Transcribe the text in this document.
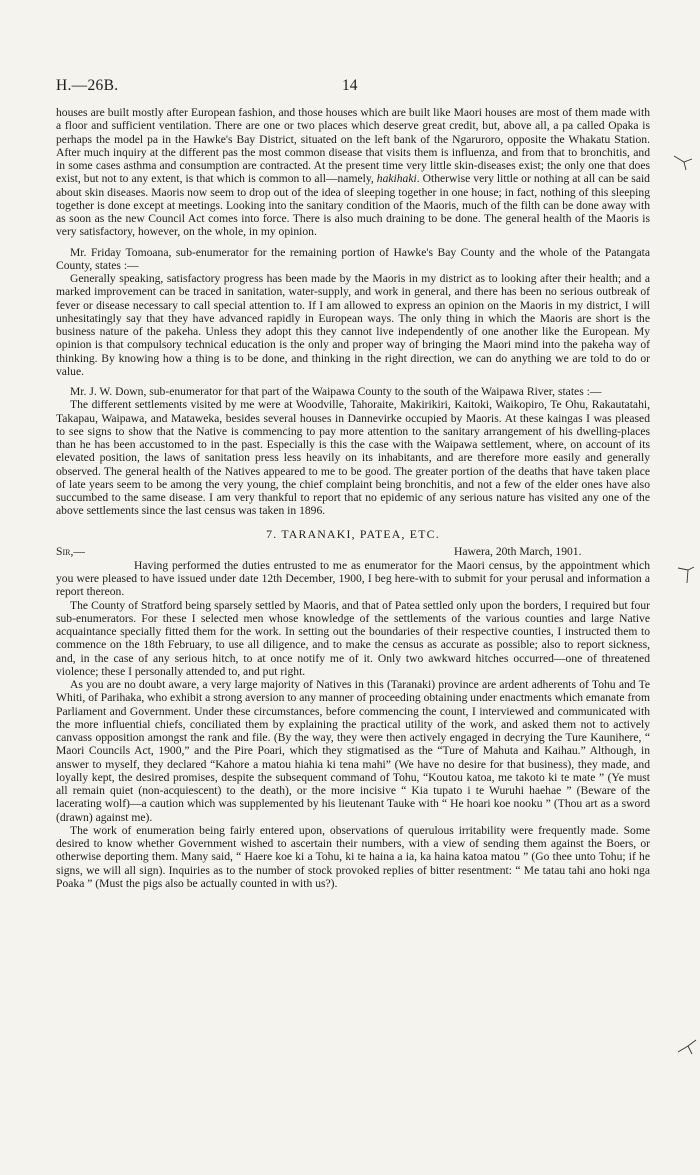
H.—26B.	14

houses are built mostly after European fashion, and those houses which are built like Maori houses are most of them made with a floor and sufficient ventilation. There are one or two places which deserve great credit, but, above all, a pa called Opaka is perhaps the model pa in the Hawke's Bay District, situated on the left bank of the Ngaruroro, opposite the Whakatu Station. After much inquiry at the different pas the most common disease that visits them is influenza, and from that to bronchitis, and in some cases asthma and consumption are contracted. At the present time very little skin-diseases exist; the only one that does exist, but not to any extent, is that which is common to all—namely, hakihaki. Otherwise very little or nothing at all can be said about skin diseases. Maoris now seem to drop out of the idea of sleeping together in one house; in fact, nothing of this sleeping together is done except at meetings. Looking into the sanitary condition of the Maoris, much of the filth can be done away with as soon as the new Council Act comes into force. There is also much draining to be done. The general health of the Maoris is very satisfactory, however, on the whole, in my opinion.

Mr. Friday Tomoana, sub-enumerator for the remaining portion of Hawke's Bay County and the whole of the Patangata County, states :—

Generally speaking, satisfactory progress has been made by the Maoris in my district as to looking after their health; and a marked improvement can be traced in sanitation, water-supply, and work in general, and there has been no serious outbreak of fever or disease necessary to call special attention to. If I am allowed to express an opinion on the Maoris in my district, I will unhesitatingly say that they have advanced rapidly in European ways. The only thing in which the Maoris are short is the business nature of the pakeha. Unless they adopt this they cannot live independently of one another like the European. My opinion is that compulsory technical education is the only and proper way of bringing the Maori mind into the pakeha way of thinking. By knowing how a thing is to be done, and thinking in the right direction, we can do anything we are told to do or value.

Mr. J. W. Down, sub-enumerator for that part of the Waipawa County to the south of the Waipawa River, states :—

The different settlements visited by me were at Woodville, Tahoraite, Makirikiri, Kaitoki, Waikopiro, Te Ohu, Rakautatahi, Takapau, Waipawa, and Mataweka, besides several houses in Dannevirke occupied by Maoris. At these kaingas I was pleased to see signs to show that the Native is commencing to pay more attention to the sanitary arrangement of his dwelling-places than he has been accustomed to in the past. Especially is this the case with the Waipawa settlement, where, on account of its elevated position, the laws of sanitation press less heavily on its inhabitants, and are therefore more easily and generally observed. The general health of the Natives appeared to me to be good. The greater portion of the deaths that have taken place of late years seem to be among the very young, the chief complaint being bronchitis, and not a few of the elder ones have also succumbed to the same disease. I am very thankful to report that no epidemic of any serious nature has visited any one of the above settlements since the last census was taken in 1896.

7. TARANAKI, PATEA, ETC.
Sir,—	Hawera, 20th March, 1901.

Having performed the duties entrusted to me as enumerator for the Maori census, by the appointment which you were pleased to have issued under date 12th December, 1900, I beg here-with to submit for your perusal and information a report thereon.

The County of Stratford being sparsely settled by Maoris, and that of Patea settled only upon the borders, I required but four sub-enumerators. For these I selected men whose knowledge of the settlements of the various counties and large Native acquaintance specially fitted them for the work. In setting out the boundaries of their respective counties, I instructed them to commence on the 18th February, to use all diligence, and to make the census as accurate as possible; also to report sickness, and, in the case of any serious hitch, to at once notify me of it. Only two awkward hitches occurred—one of threatened violence; these I personally attended to, and put right.

As you are no doubt aware, a very large majority of Natives in this (Taranaki) province are ardent adherents of Tohu and Te Whiti, of Parihaka, who exhibit a strong aversion to any manner of proceeding obtaining under enactments which emanate from Parliament and Government. Under these circumstances, before commencing the count, I interviewed and communicated with the more influential chiefs, conciliated them by explaining the practical utility of the work, and asked them not to actively canvass opposition amongst the rank and file. (By the way, they were then actively engaged in decrying the Ture Kaunihere, “ Maori Councils Act, 1900,” and the Pire Poari, which they stigmatised as the “Ture of Mahuta and Kaihau.” Although, in answer to myself, they declared “Kahore a matou hiahia ki tena mahi” (We have no desire for that business), they made, and loyally kept, the desired promises, despite the subsequent command of Tohu, “Koutou katoa, me takoto ki te mate ” (Ye must all remain quiet (non-acquiescent) to the death), or the more incisive “ Kia tupato i te Wuruhi haehae ” (Beware of the lacerating wolf)—a caution which was supplemented by his lieutenant Tauke with “ He hoari koe nooku ” (Thou art as a sword (drawn) against me).

The work of enumeration being fairly entered upon, observations of querulous irritability were frequently made. Some desired to know whether Government wished to ascertain their numbers, with a view of sending them against the Boers, or otherwise deporting them. Many said, “ Haere koe ki a Tohu, ki te haina a ia, ka haina katoa matou ” (Go thee unto Tohu; if he signs, we will all sign). Inquiries as to the number of stock provoked replies of bitter resentment: “ Me tatau tahi ano hoki nga Poaka ” (Must the pigs also be actually counted in with us?).
